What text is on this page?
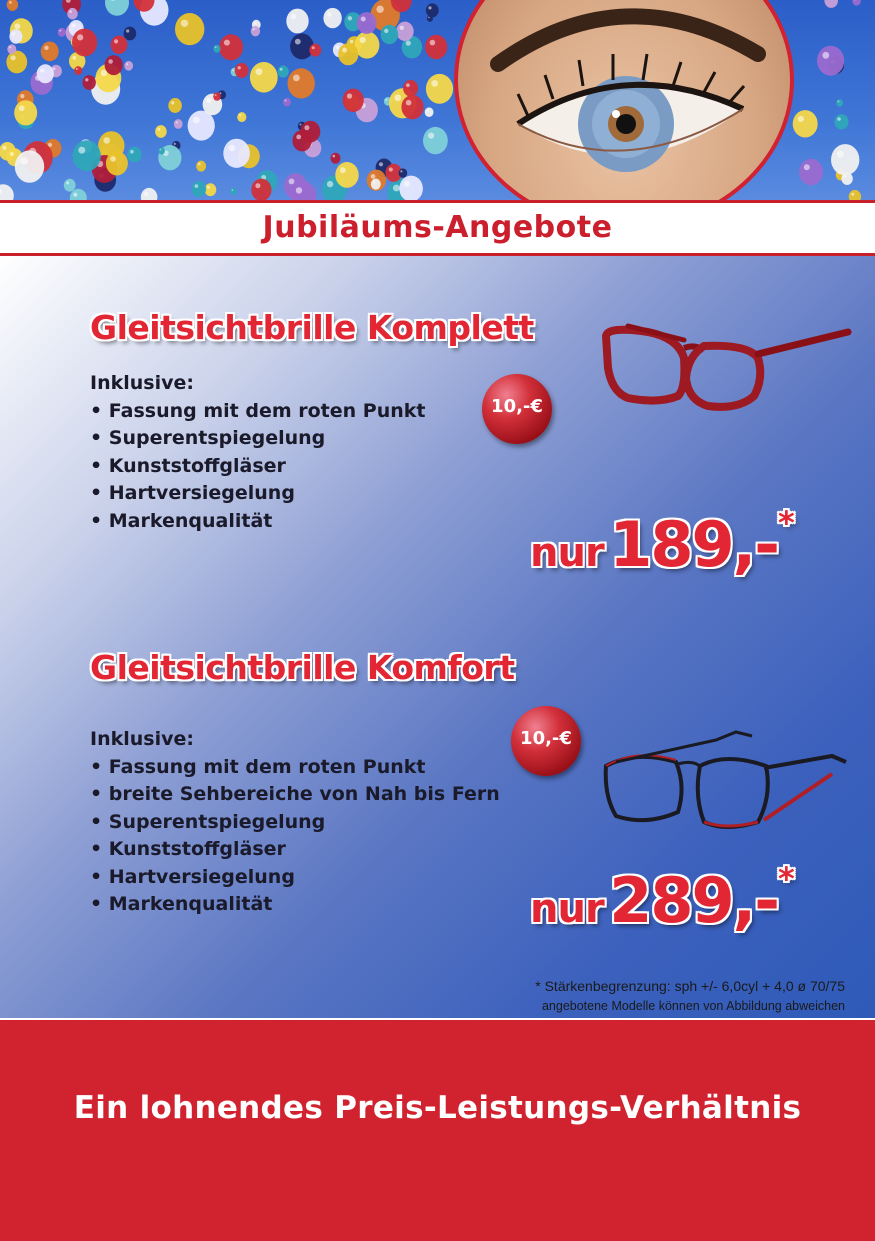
Jubiläums-Angebote
Gleitsichtbrille Komplett
Inklusive:
• Fassung mit dem roten Punkt
• Superentspiegelung
• Kunststoffgläser
• Hartversiegelung
• Markenqualität
10,-€
nur 189,-*
Gleitsichtbrille Komfort
Inklusive:
• Fassung mit dem roten Punkt
• breite Sehbereiche von Nah bis Fern
• Superentspiegelung
• Kunststoffgläser
• Hartversiegelung
• Markenqualität
10,-€
nur 289,-*
* Stärkenbegrenzung: sph +/- 6,0cyl + 4,0 ø 70/75
angebotene Modelle können von Abbildung abweichen
Ein lohnendes Preis-Leistungs-Verhältnis
